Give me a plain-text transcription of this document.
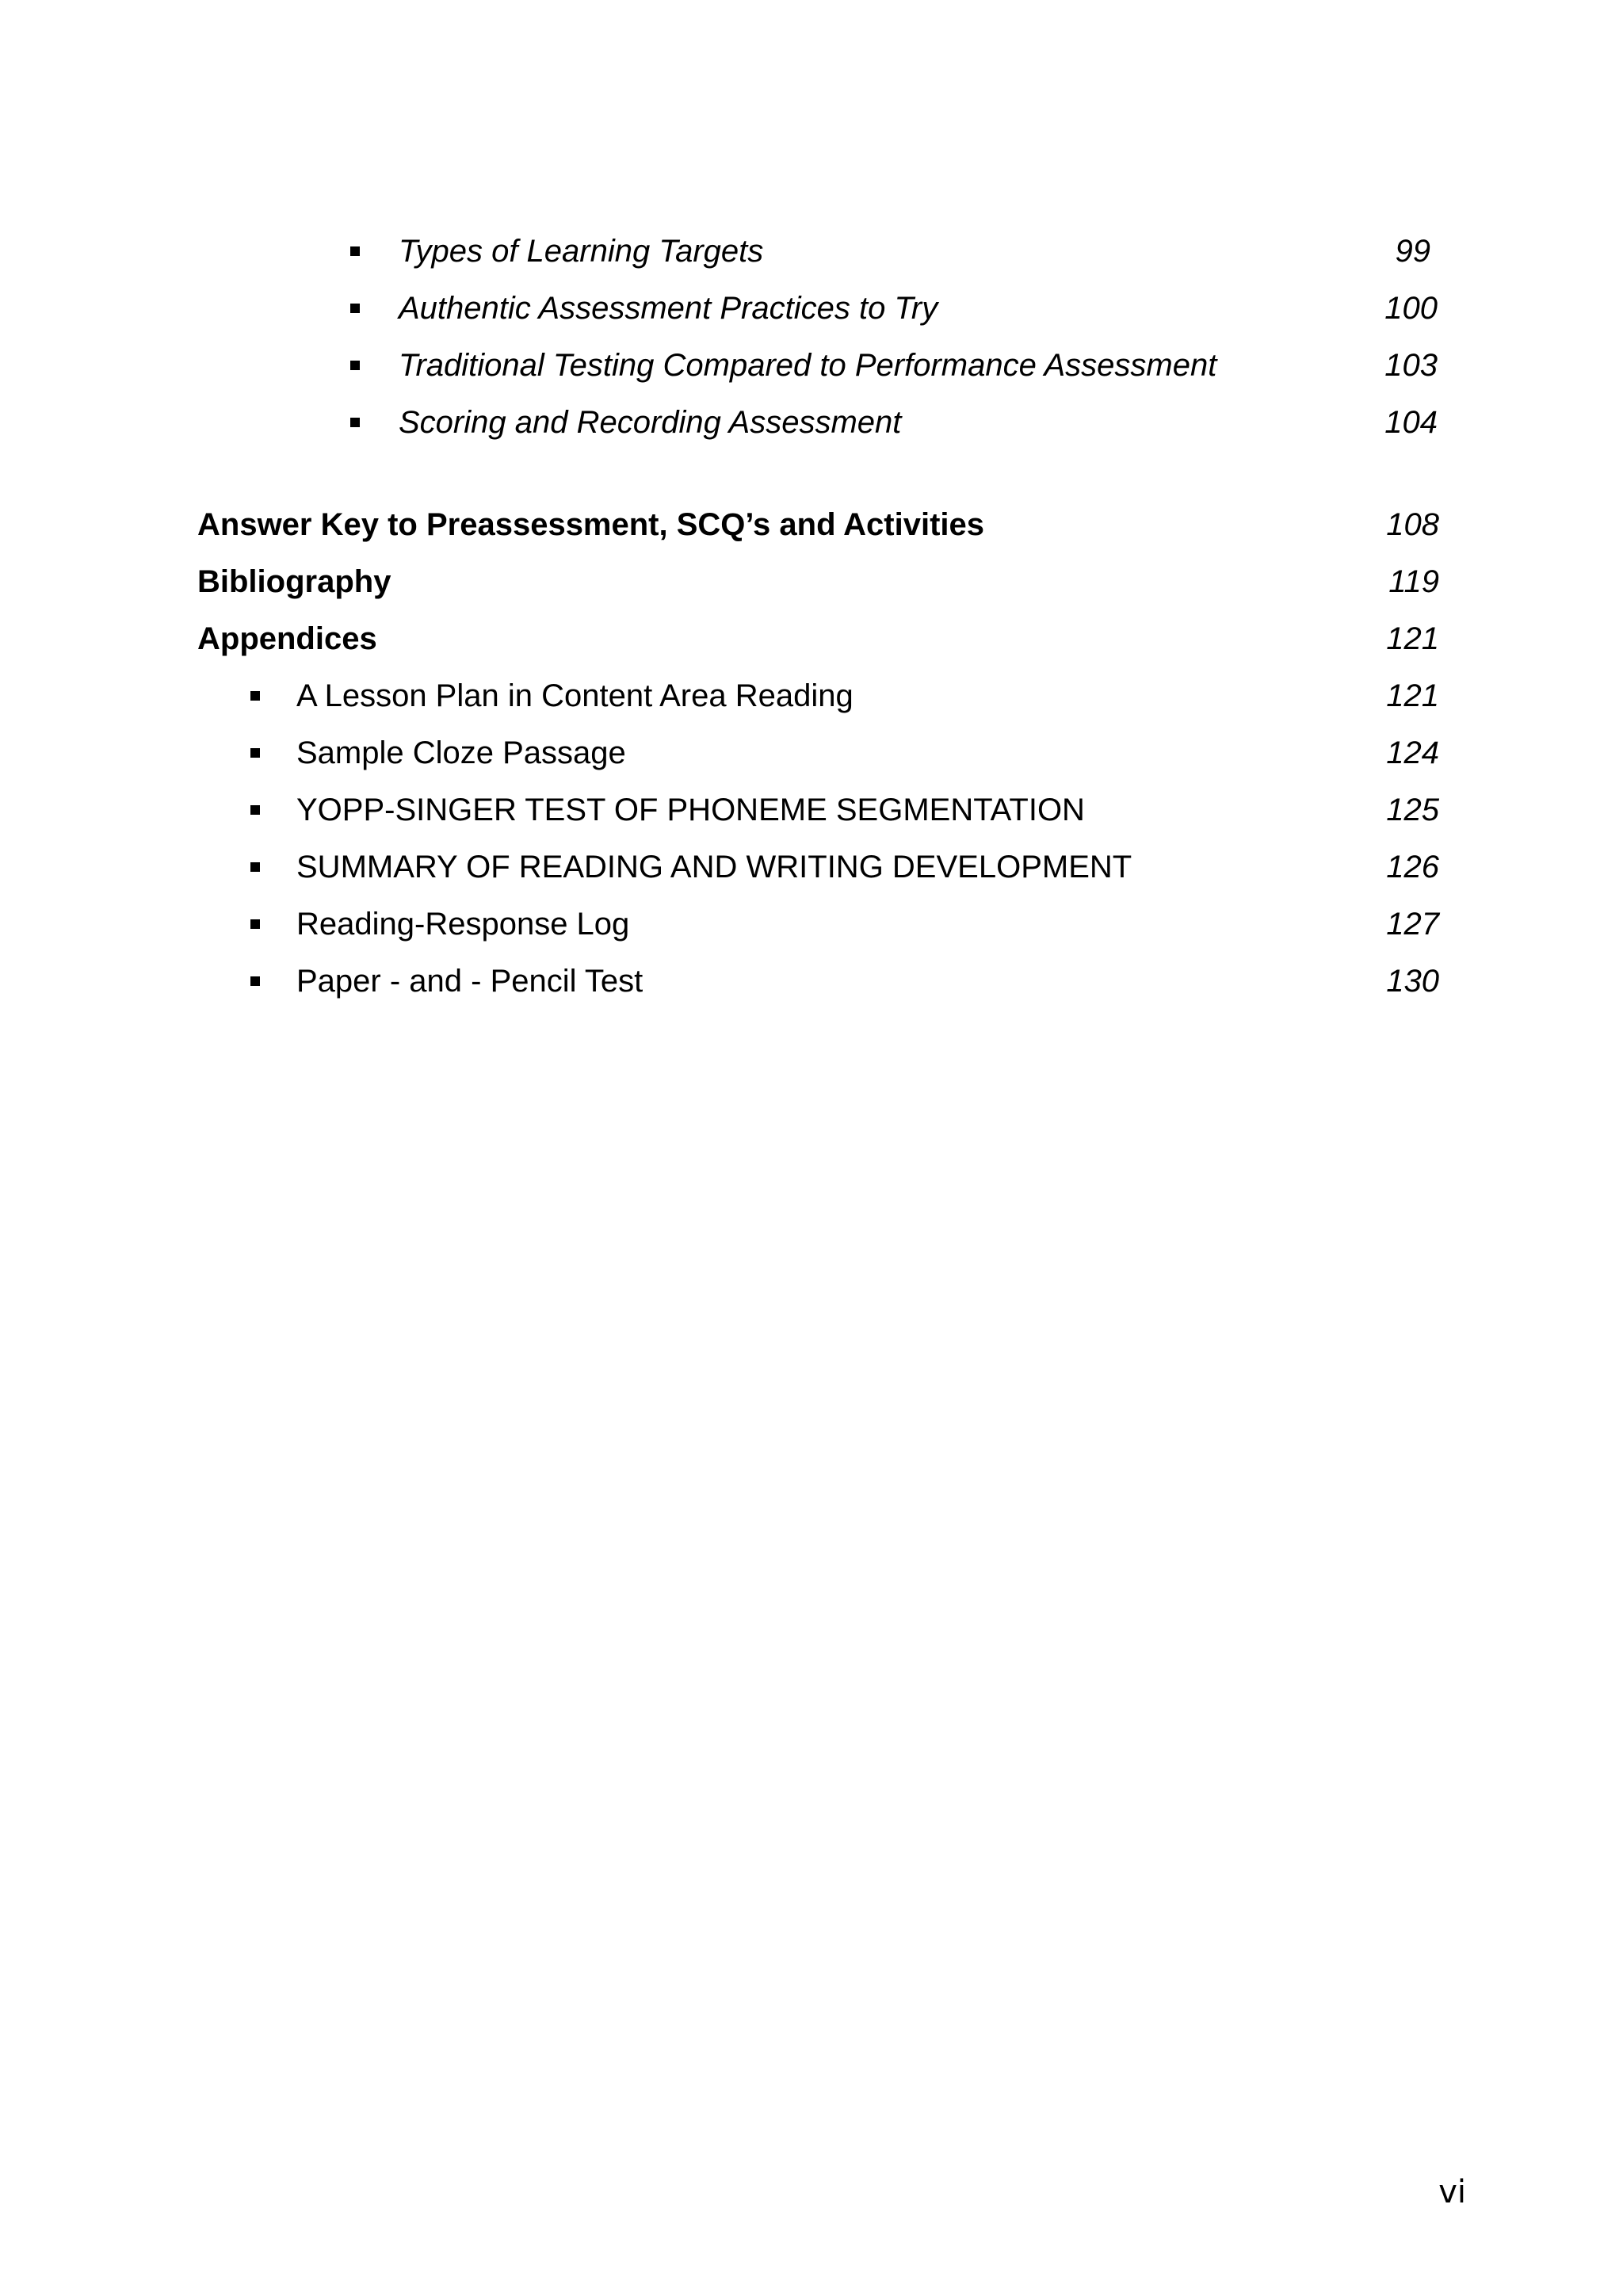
Types of Learning Targets	99
Authentic Assessment Practices to Try	100
Traditional Testing Compared to Performance Assessment	103
Scoring and Recording Assessment	104
Answer Key to Preassessment, SCQ’s and Activities	108
Bibliography	119
Appendices	121
A Lesson Plan in Content Area Reading	121
Sample Cloze Passage	124
YOPP-SINGER TEST OF PHONEME SEGMENTATION	125
SUMMARY OF READING AND WRITING DEVELOPMENT	126
Reading-Response Log	127
Paper - and - Pencil Test	130
vi
